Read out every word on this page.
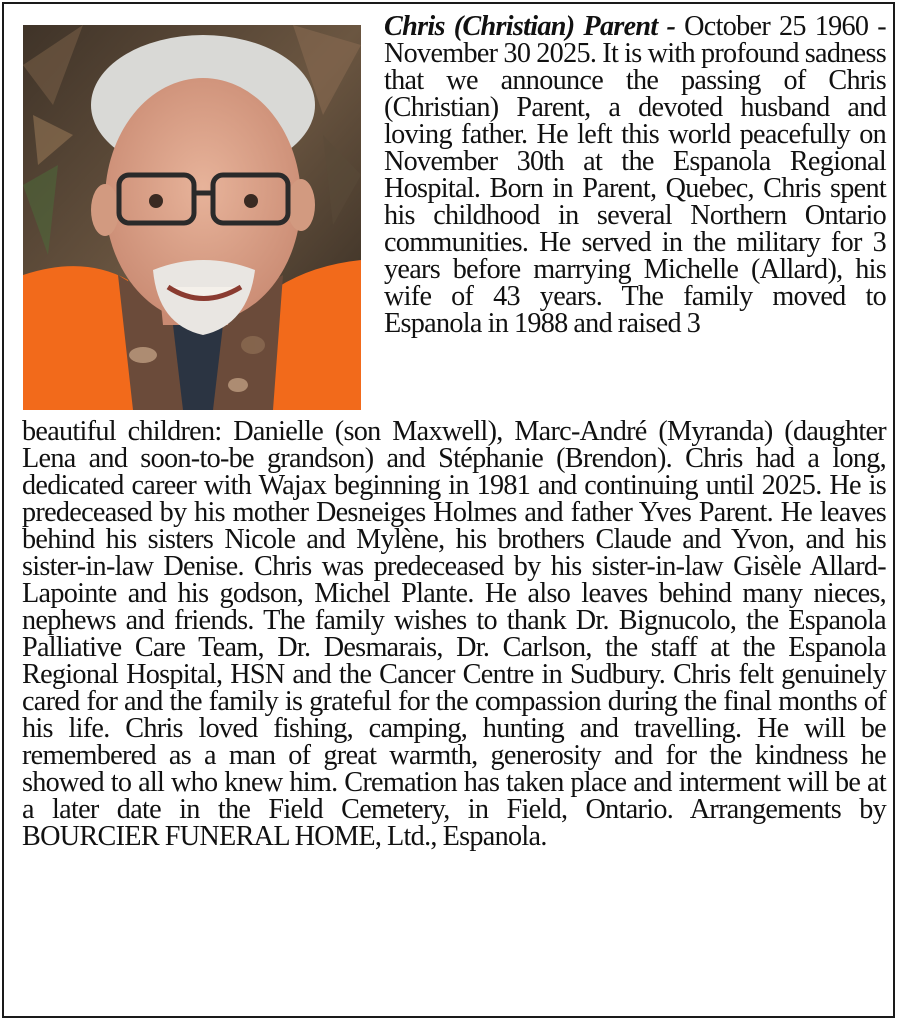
Chris (Christian) Parent - October 25 1960 - November 30 2025. It is with profound sadness that we announce the passing of Chris (Christian) Parent, a devoted husband and loving father. He left this world peacefully on November 30th at the Espanola Regional Hospital. Born in Parent, Quebec, Chris spent his childhood in several Northern Ontario communities. He served in the military for 3 years before marrying Michelle (Allard), his wife of 43 years. The family moved to Espanola in 1988 and raised 3

beautiful children: Danielle (son Maxwell), Marc-André (Myranda) (daughter Lena and soon-to-be grandson) and Stéphanie (Brendon). Chris had a long, dedicated career with Wajax beginning in 1981 and continuing until 2025. He is predeceased by his mother Desneiges Holmes and father Yves Parent. He leaves behind his sisters Nicole and Mylène, his brothers Claude and Yvon, and his sister-in-law Denise. Chris was predeceased by his sister-in-law Gisèle Allard-Lapointe and his godson, Michel Plante. He also leaves behind many nieces, nephews and friends. The family wishes to thank Dr. Bignucolo, the Espanola Palliative Care Team, Dr. Desmarais, Dr. Carlson, the staff at the Espanola Regional Hospital, HSN and the Cancer Centre in Sudbury. Chris felt genuinely cared for and the family is grateful for the compassion during the final months of his life. Chris loved fishing, camping, hunting and travelling. He will be remembered as a man of great warmth, generosity and for the kindness he showed to all who knew him. Cremation has taken place and interment will be at a later date in the Field Cemetery, in Field, Ontario. Arrangements by BOURCIER FUNERAL HOME, Ltd., Espanola.
